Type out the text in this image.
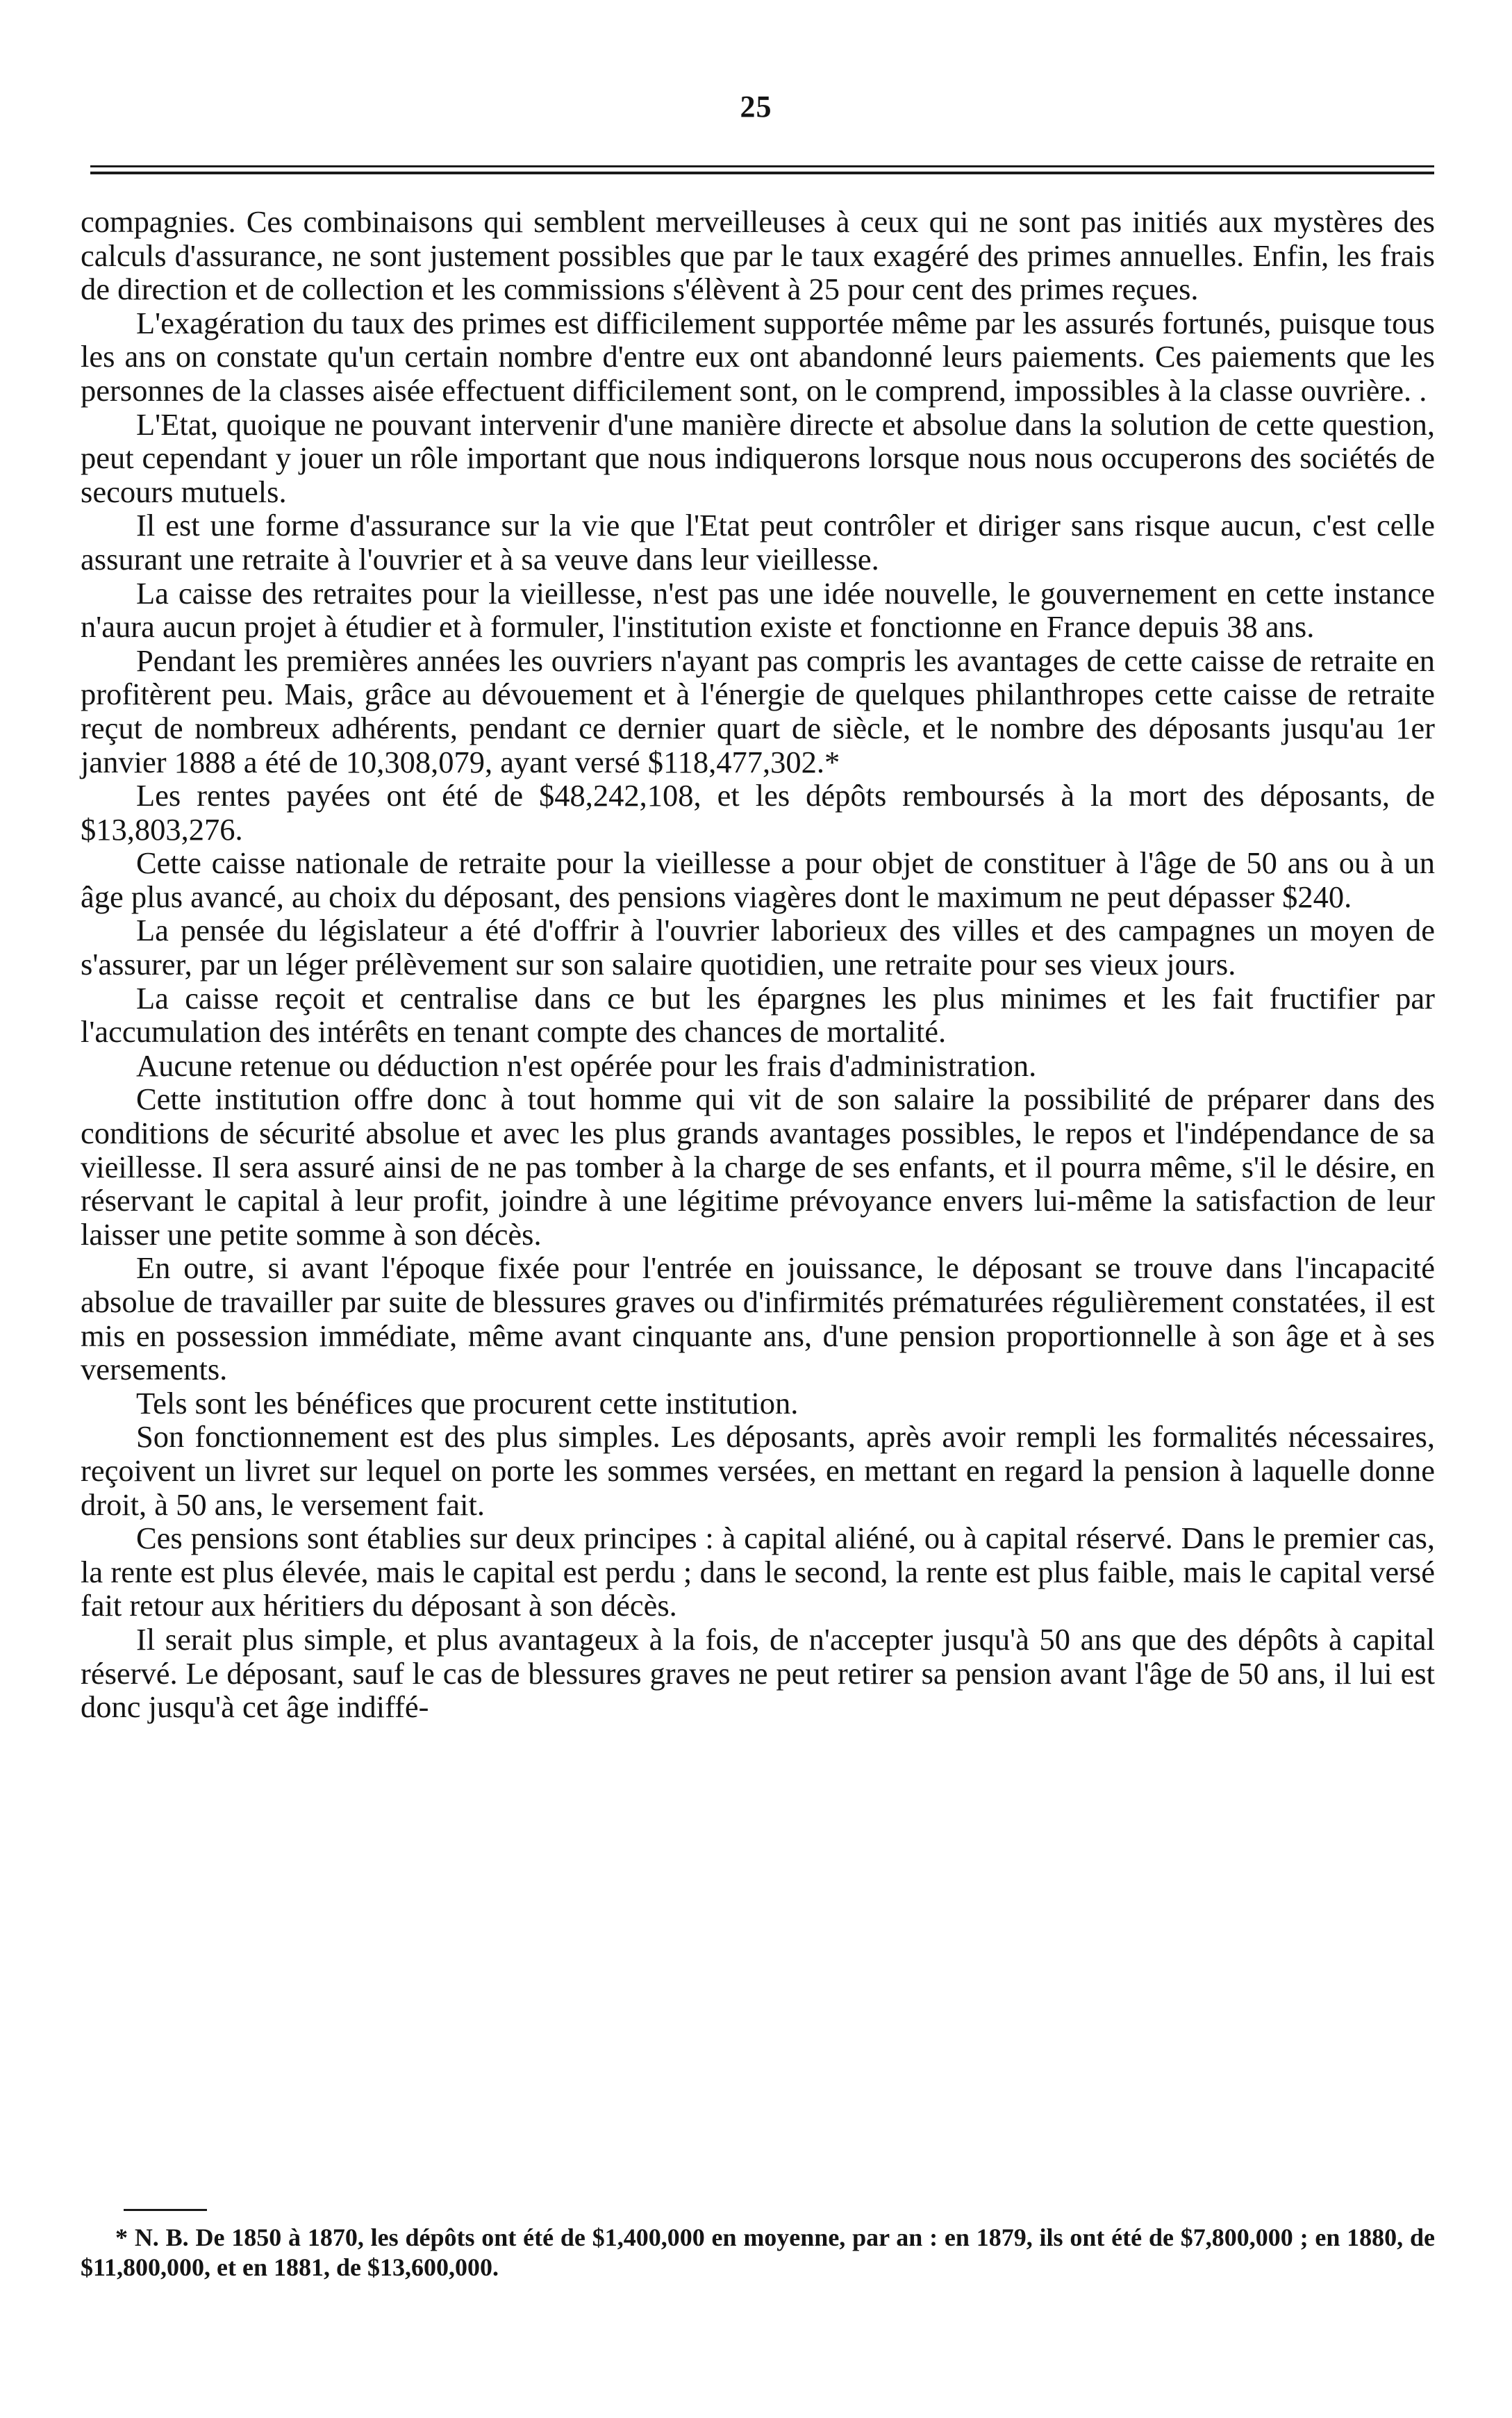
25

compagnies. Ces combinaisons qui semblent merveilleuses à ceux qui ne sont pas initiés aux mystères des calculs d'assurance, ne sont justement possibles que par le taux exagéré des primes annuelles. Enfin, les frais de direction et de collection et les commissions s'élèvent à 25 pour cent des primes reçues.

L'exagération du taux des primes est difficilement supportée même par les assurés fortunés, puisque tous les ans on constate qu'un certain nombre d'entre eux ont abandonné leurs paiements. Ces paiements que les personnes de la classes aisée effectuent difficilement sont, on le comprend, impossibles à la classe ouvrière. .

L'Etat, quoique ne pouvant intervenir d'une manière directe et absolue dans la solution de cette question, peut cependant y jouer un rôle important que nous indiquerons lorsque nous nous occuperons des sociétés de secours mutuels.

Il est une forme d'assurance sur la vie que l'Etat peut contrôler et diriger sans risque aucun, c'est celle assurant une retraite à l'ouvrier et à sa veuve dans leur vieillesse.

La caisse des retraites pour la vieillesse, n'est pas une idée nouvelle, le gouvernement en cette instance n'aura aucun projet à étudier et à formuler, l'institution existe et fonctionne en France depuis 38 ans.

Pendant les premières années les ouvriers n'ayant pas compris les avantages de cette caisse de retraite en profitèrent peu. Mais, grâce au dévouement et à l'énergie de quelques philanthropes cette caisse de retraite reçut de nombreux adhérents, pendant ce dernier quart de siècle, et le nombre des déposants jusqu'au 1er janvier 1888 a été de 10,308,079, ayant versé $118,477,302.*

Les rentes payées ont été de $48,242,108, et les dépôts remboursés à la mort des déposants, de $13,803,276.

Cette caisse nationale de retraite pour la vieillesse a pour objet de constituer à l'âge de 50 ans ou à un âge plus avancé, au choix du déposant, des pensions viagères dont le maximum ne peut dépasser $240.

La pensée du législateur a été d'offrir à l'ouvrier laborieux des villes et des campagnes un moyen de s'assurer, par un léger prélèvement sur son salaire quotidien, une retraite pour ses vieux jours.

La caisse reçoit et centralise dans ce but les épargnes les plus minimes et les fait fructifier par l'accumulation des intérêts en tenant compte des chances de mortalité.

Aucune retenue ou déduction n'est opérée pour les frais d'administration.

Cette institution offre donc à tout homme qui vit de son salaire la possibilité de préparer dans des conditions de sécurité absolue et avec les plus grands avantages possibles, le repos et l'indépendance de sa vieillesse. Il sera assuré ainsi de ne pas tomber à la charge de ses enfants, et il pourra même, s'il le désire, en réservant le capital à leur profit, joindre à une légitime prévoyance envers lui-même la satisfaction de leur laisser une petite somme à son décès.

En outre, si avant l'époque fixée pour l'entrée en jouissance, le déposant se trouve dans l'incapacité absolue de travailler par suite de blessures graves ou d'infirmités prématurées régulièrement constatées, il est mis en possession immédiate, même avant cinquante ans, d'une pension proportionnelle à son âge et à ses versements.

Tels sont les bénéfices que procurent cette institution.

Son fonctionnement est des plus simples. Les déposants, après avoir rempli les formalités nécessaires, reçoivent un livret sur lequel on porte les sommes versées, en mettant en regard la pension à laquelle donne droit, à 50 ans, le versement fait.

Ces pensions sont établies sur deux principes : à capital aliéné, ou à capital réservé. Dans le premier cas, la rente est plus élevée, mais le capital est perdu ; dans le second, la rente est plus faible, mais le capital versé fait retour aux héritiers du déposant à son décès.

Il serait plus simple, et plus avantageux à la fois, de n'accepter jusqu'à 50 ans que des dépôts à capital réservé. Le déposant, sauf le cas de blessures graves ne peut retirer sa pension avant l'âge de 50 ans, il lui est donc jusqu'à cet âge indiffé-

* N. B. De 1850 à 1870, les dépôts ont été de $1,400,000 en moyenne, par an : en 1879, ils ont été de $7,800,000 ; en 1880, de $11,800,000, et en 1881, de $13,600,000.
